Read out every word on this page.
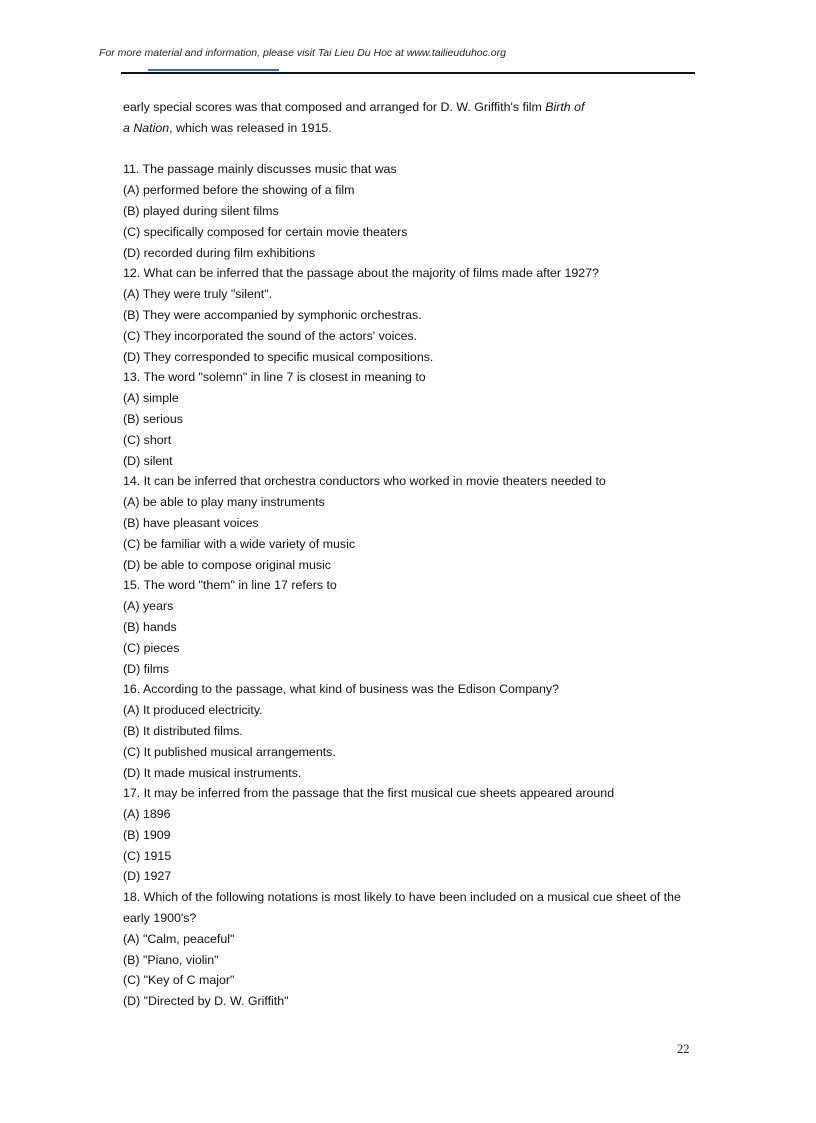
For more material and information, please visit Tai Lieu Du Hoc at www.tailieuduhoc.org
early special scores was that composed and arranged for D. W. Griffith's film Birth of
a Nation, which was released in 1915.
11. The passage mainly discusses music that was
(A) performed before the showing of a film
(B) played during silent films
(C) specifically composed for certain movie theaters
(D) recorded during film exhibitions
12. What can be inferred that the passage about the majority of films made after 1927?
(A) They were truly "silent".
(B) They were accompanied by symphonic orchestras.
(C) They incorporated the sound of the actors' voices.
(D) They corresponded to specific musical compositions.
13. The word "solemn" in line 7 is closest in meaning to
(A) simple
(B) serious
(C) short
(D) silent
14. It can be inferred that orchestra conductors who worked in movie theaters needed to
(A) be able to play many instruments
(B) have pleasant voices
(C) be familiar with a wide variety of music
(D) be able to compose original music
15. The word "them" in line 17 refers to
(A) years
(B) hands
(C) pieces
(D) films
16. According to the passage, what kind of business was the Edison Company?
(A) It produced electricity.
(B) It distributed films.
(C) It published musical arrangements.
(D) It made musical instruments.
17. It may be inferred from the passage that the first musical cue sheets appeared around
(A) 1896
(B) 1909
(C) 1915
(D) 1927
18. Which of the following notations is most likely to have been included on a musical cue sheet of the early 1900's?
(A) "Calm, peaceful"
(B) "Piano, violin"
(C) "Key of C major"
(D) "Directed by D. W. Griffith"
22
